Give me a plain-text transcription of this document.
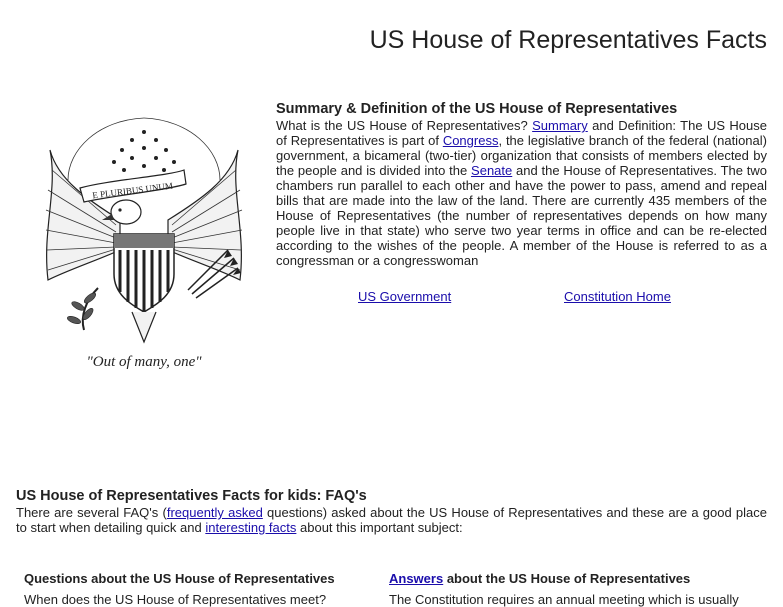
US House of Representatives Facts
E PLURIBUS UNUM
"Out of many, one"
Summary & Definition of the US House of Representatives

What is the US House of Representatives? Summary and Definition: The US House of Representatives is part of Congress, the legislative branch of the federal (national) government, a bicameral (two-tier) organization that consists of members elected by the people and is divided into the Senate and the House of Representatives. The two chambers run parallel to each other and have the power to pass, amend and repeal bills that are made into the law of the land. There are currently 435 members of the House of Representatives (the number of representatives depends on how many people live in that state) who serve two year terms in office and can be re-elected according to the wishes of the people. A member of the House is referred to as a congressman or a congresswoman

US Government	Constitution Home
US House of Representatives Facts for kids: FAQ's

There are several FAQ's (frequently asked questions) asked about the US House of Representatives and these are a good place to start when detailing quick and interesting facts about this important subject:

Questions about the US House of Representatives	Answers about the US House of Representatives
When does the US House of Representatives meet?	The Constitution requires an annual meeting which is usually
